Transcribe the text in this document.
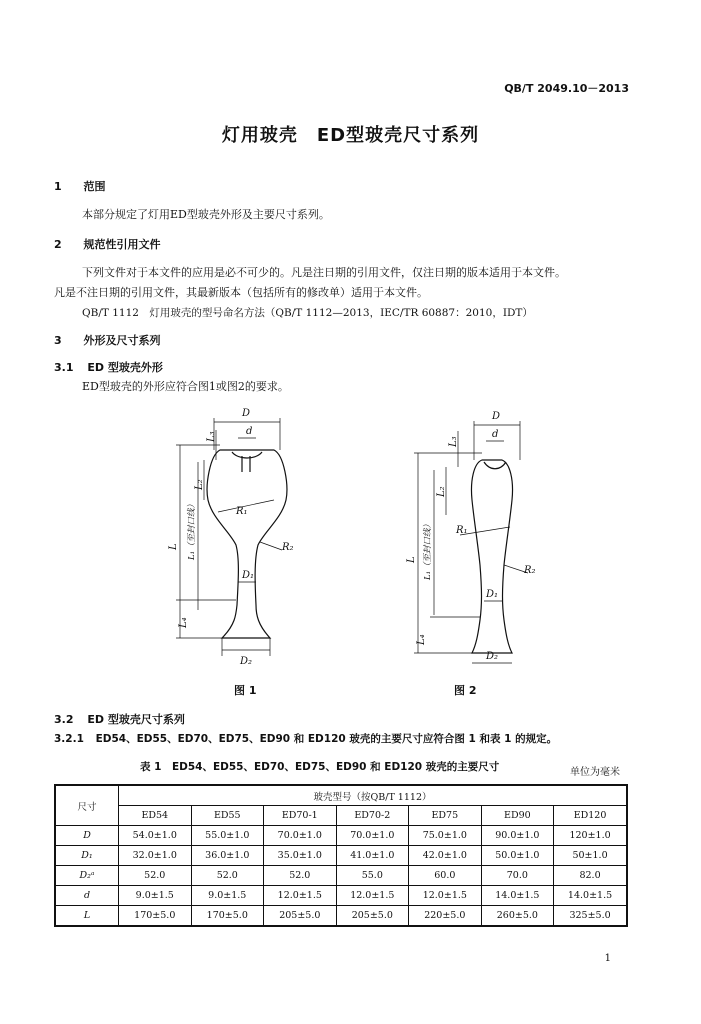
QB/T 2049.10－2013
灯用玻壳　ED型玻壳尺寸系列
1 范围
本部分规定了灯用ED型玻壳外形及主要尺寸系列。
2 规范性引用文件
下列文件对于本文件的应用是必不可少的。凡是注日期的引用文件，仅注日期的版本适用于本文件。
凡是不注日期的引用文件，其最新版本（包括所有的修改单）适用于本文件。
QB/T 1112　灯用玻壳的型号命名方法（QB/T 1112—2013，IEC/TR 60887：2010，IDT）
3 外形及尺寸系列
3.1 ED 型玻壳外形
ED型玻壳的外形应符合图1或图2的要求。
D
d
L₃
L₂
R₁
L L₁（至封口线）	R₂
D₁
L₄
D₂
图 1
D
d
L₃
L₂
R₁
L L₁（至封口线）	R₂
D₁
L₄
D₂
图 2
3.2 ED 型玻壳尺寸系列
3.2.1 ED54、ED55、ED70、ED75、ED90 和 ED120 玻壳的主要尺寸应符合图 1 和表 1 的规定。
表 1　ED54、ED55、ED70、ED75、ED90 和 ED120 玻壳的主要尺寸	单位为毫米
尺寸	玻壳型号（按QB/T 1112）						
	ED54	ED55	ED70-1	ED70-2	ED75	ED90	ED120
D	54.0±1.0	55.0±1.0	70.0±1.0	70.0±1.0	75.0±1.0	90.0±1.0	120±1.0
D₁	32.0±1.0	36.0±1.0	35.0±1.0	41.0±1.0	42.0±1.0	50.0±1.0	50±1.0
D₂ᵃ	52.0	52.0	52.0	55.0	60.0	70.0	82.0
d	9.0±1.5	9.0±1.5	12.0±1.5	12.0±1.5	12.0±1.5	14.0±1.5	14.0±1.5
L	170±5.0	170±5.0	205±5.0	205±5.0	220±5.0	260±5.0	325±5.0
1
